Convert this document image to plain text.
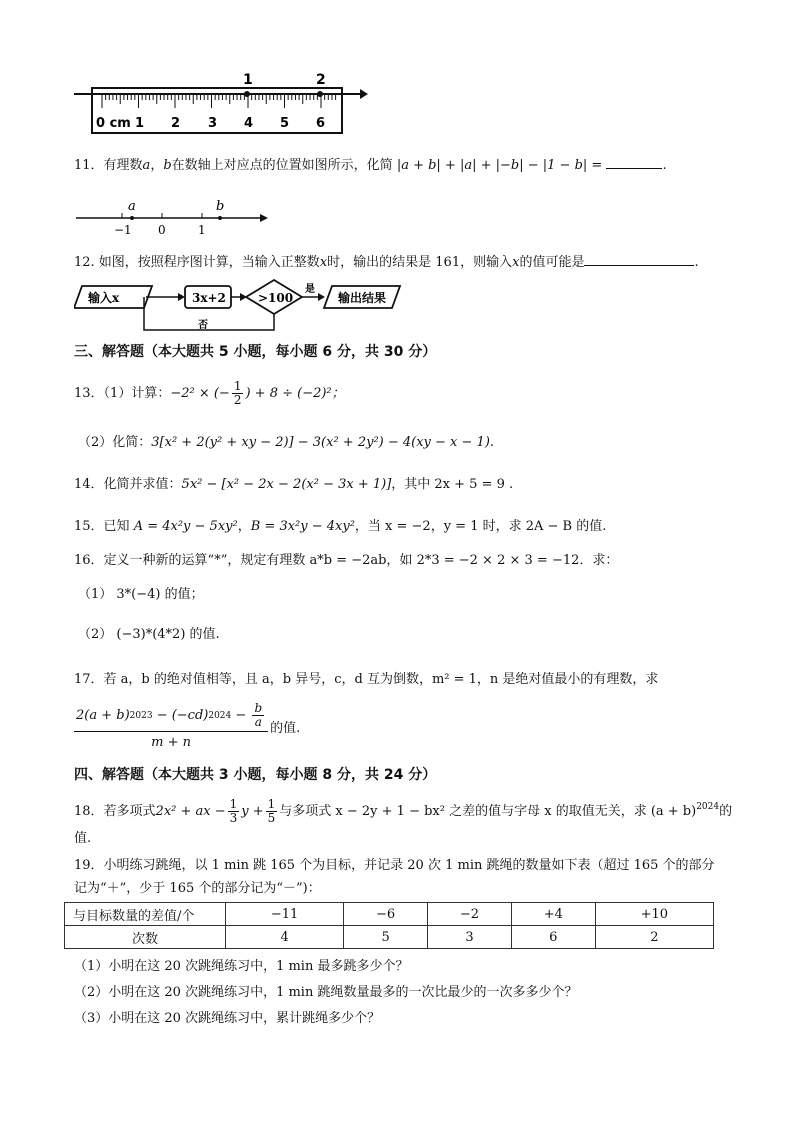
1	2
0 cm 1 2 3 4 5 6
11．有理数a，b在数轴上对应点的位置如图所示，化简 |a + b| + |a| + |−b| − |1 − b| =	.
−1 0	1
a	b
12. 如图，按照程序图计算，当输入正整数x时，输出的结果是 161，则输入x的值可能是	.
输入x	3x+2	>100
是
否
输出结果
三、解答题（本大题共 5 小题，每小题 6 分，共 30 分）
13．（1）计算： −2² × (− $\frac{1}{2}$ ) + 8 ÷ (−2)²；
（2）化简：3[x² + 2(y² + xy − 2)] − 3(x² + 2y²) − 4(xy − x − 1).
14．化简并求值：5x² − [x² − 2x − 2(x² − 3x + 1)]，其中 2x + 5 = 9 .
15．已知 A = 4x²y − 5xy²，B = 3x²y − 4xy²，当 x = −2，y = 1 时，求 2A − B 的值.
16．定义一种新的运算“*”，规定有理数 a*b = −2ab，如 2*3 = −2 × 2 × 3 = −12．求：
（1） 3*(−4) 的值；
（2） (−3)*(4*2) 的值.
17．若 a，b 的绝对值相等，且 a，b 异号，c，d 互为倒数，m² = 1，n 是绝对值最小的有理数，求
2(a + b) 2023 − (−cd) $2024 - \frac{b}{a}$
m + n
的值.
四、解答题（本大题共 3 小题，每小题 8 分，共 24 分）
18．若多项式 2x² + ax − $\frac{1}{3}$ $y + \frac{1}{5}$ 与多项式 x − 2y + 1 − bx² 之差的值与字母 x 的取值无关，求 $(a + b)^{2024}$ 的
值.
19．小明练习跳绳，以 1 min 跳 165 个为目标，并记录 20 次 1 min 跳绳的数量如下表（超过 165 个的部分
记为“＋”，少于 165 个的部分记为“－”)：
与目标数量的差值/个	−11	−6	−2	+4	+10
次数	4	5	3	6	2
（1）小明在这 20 次跳绳练习中，1 min 最多跳多少个？
（2）小明在这 20 次跳绳练习中，1 min 跳绳数量最多的一次比最少的一次多多少个？
（3）小明在这 20 次跳绳练习中，累计跳绳多少个？
